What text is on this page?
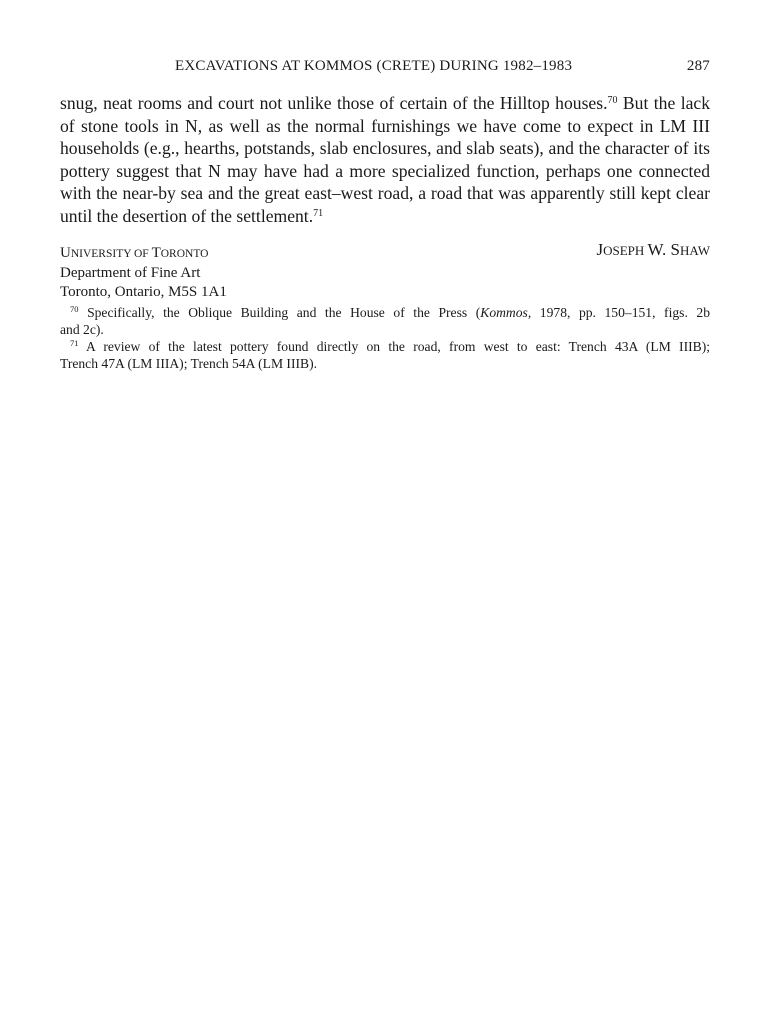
EXCAVATIONS AT KOMMOS (CRETE) DURING 1982–1983	287
snug, neat rooms and court not unlike those of certain of the Hilltop houses.$^{70}$ But the lack
of stone tools in N, as well as the normal furnishings we have come to expect in LM III
households (e.g., hearths, potstands, slab enclosures, and slab seats), and the character of its
pottery suggest that N may have had a more specialized function, perhaps one connected
with the near-by sea and the great east–west road, a road that was apparently still kept clear
until the desertion of the settlement.$^{71}$
UNIVERSITY OF TORONTO
Department of Fine Art
Toronto, Ontario, M5S 1A1
JOSEPH W. SHAW
$^{70}$ Specifically, the Oblique Building and the House of the Press (Kommos, 1978, pp. 150–151, figs. 2b
and 2c).
$^{71}$ A review of the latest pottery found directly on the road, from west to east: Trench 43A (LM IIIB);
Trench 47A (LM IIIA); Trench 54A (LM IIIB).
